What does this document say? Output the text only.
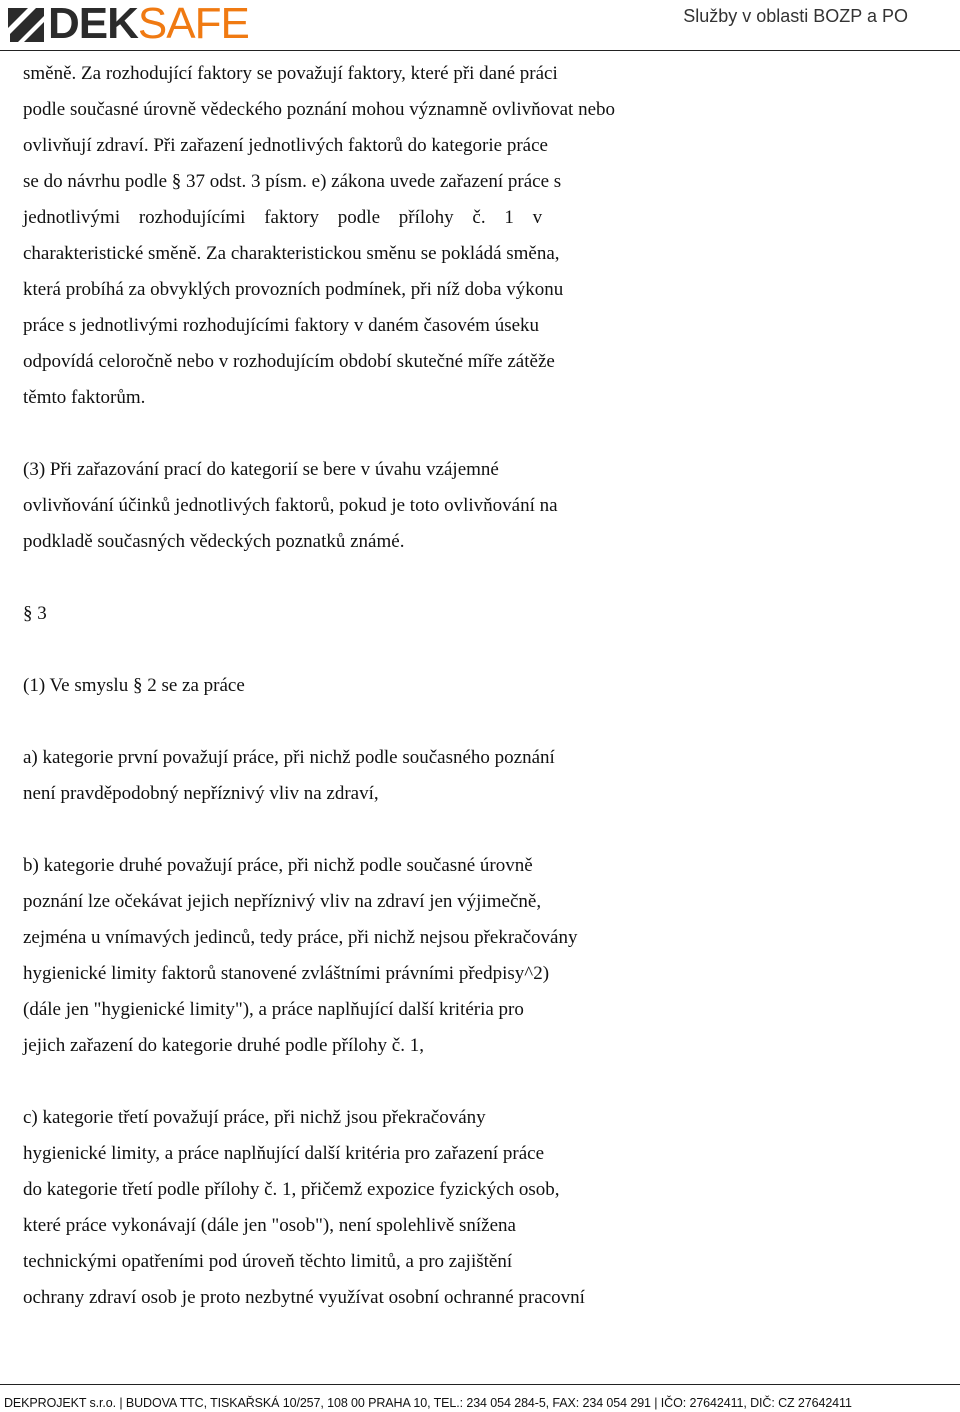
DEK SAFE	Služby v oblasti BOZP a PO

směně. Za rozhodující faktory se považují faktory, které při dané práci
podle současné úrovně vědeckého poznání mohou významně ovlivňovat nebo
ovlivňují zdraví. Při zařazení jednotlivých faktorů do kategorie práce
se do návrhu podle § 37 odst. 3 písm. e) zákona uvede zařazení práce s
jednotlivými rozhodujícími faktory podle přílohy č. 1 v
charakteristické směně. Za charakteristickou směnu se pokládá směna,
která probíhá za obvyklých provozních podmínek, při níž doba výkonu
práce s jednotlivými rozhodujícími faktory v daném časovém úseku
odpovídá celoročně nebo v rozhodujícím období skutečné míře zátěže
těmto faktorům.

(3) Při zařazování prací do kategorií se bere v úvahu vzájemné
ovlivňování účinků jednotlivých faktorů, pokud je toto ovlivňování na
podkladě současných vědeckých poznatků známé.

§ 3

(1) Ve smyslu § 2 se za práce

a) kategorie první považují práce, při nichž podle současného poznání
není pravděpodobný nepříznivý vliv na zdraví,

b) kategorie druhé považují práce, při nichž podle současné úrovně
poznání lze očekávat jejich nepříznivý vliv na zdraví jen výjimečně,
zejména u vnímavých jedinců, tedy práce, při nichž nejsou překračovány
hygienické limity faktorů stanovené zvláštními právními předpisy^2)
(dále jen "hygienické limity"), a práce naplňující další kritéria pro
jejich zařazení do kategorie druhé podle přílohy č. 1,

c) kategorie třetí považují práce, při nichž jsou překračovány
hygienické limity, a práce naplňující další kritéria pro zařazení práce
do kategorie třetí podle přílohy č. 1, přičemž expozice fyzických osob,
které práce vykonávají (dále jen "osob"), není spolehlivě snížena
technickými opatřeními pod úroveň těchto limitů, a pro zajištění
ochrany zdraví osob je proto nezbytné využívat osobní ochranné pracovní

DEKPROJEKT s.r.o. | BUDOVA TTC, TISKAŘSKÁ 10/257, 108 00 PRAHA 10, TEL.: 234 054 284-5, FAX: 234 054 291 | IČO: 27642411, DIČ: CZ 27642411
